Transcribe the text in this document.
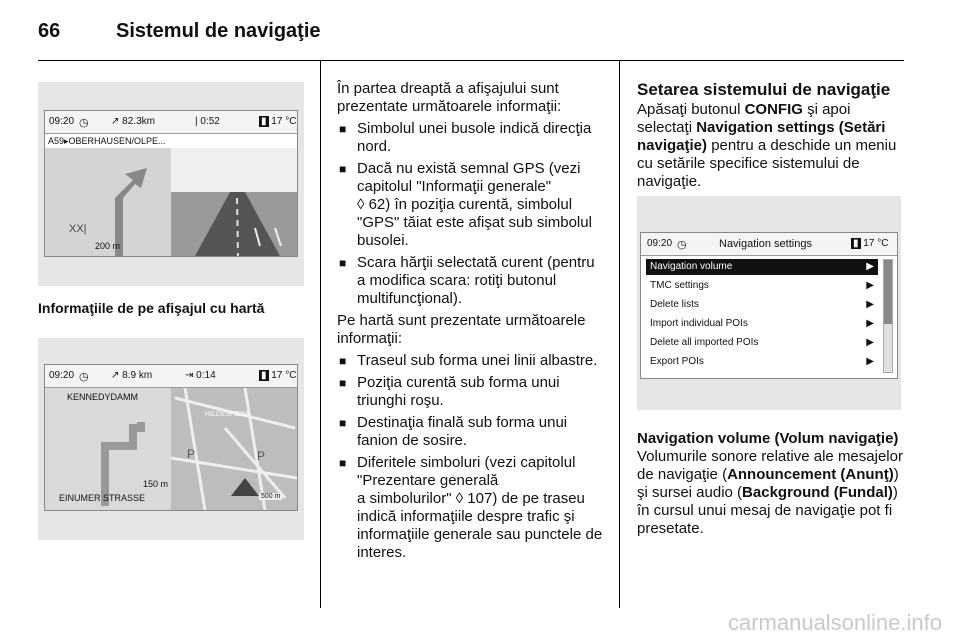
66	Sistemul de navigaţie
09:20 ◷ ↗ 82.3km	| 0:52	▮ 17 °C
A59▸OBERHAUSEN/OLPE...
XX|
200 m
Informaţiile de pe afişajul cu hartă
09:20 ◷ ↗ 8.9 km	⇥ 0:14	▮ 17 °C
P	P
KENNEDYDAMM
HILDESHEIM
150 m
EINUMER STRASSE	500 m

În partea dreaptă a afişajului sunt prezentate următoarele informaţii:

■ Simbolul unei busole indică direcţia nord.
■ Dacă nu există semnal GPS (vezi capitolul "Informaţii generale"
◊ 62) în poziţia curentă, simbolul "GPS" tăiat este afişat sub simbolul busolei.
■ Scara hărţii selectată curent (pentru a modifica scara: rotiţi butonul multifuncţional).

Pe hartă sunt prezentate următoarele informaţii:

■ Traseul sub forma unei linii albastre.
■ Poziţia curentă sub forma unui triunghi roşu.
■ Destinaţia finală sub forma unui fanion de sosire.
■ Diferitele simboluri (vezi capitolul "Prezentare generală
a simbolurilor" ◊ 107) de pe traseu indică informaţiile despre trafic şi informaţiile generale sau punctele de interes.
Setarea sistemului de navigaţie

Apăsaţi butonul CONFIG şi apoi selectaţi Navigation settings (Setări navigaţie) pentru a deschide un meniu cu setările specifice sistemului de navigaţie.

09:20 ◷	Navigation settings	▮ 17 °C
Navigation volume	▶
TMC settings	▶
Delete lists	▶
Import individual POIs	▶
Delete all imported POIs	▶
Export POIs	▶
Navigation volume (Volum navigaţie)

Volumurile sonore relative ale mesajelor de navigaţie (Announcement (Anunţ)) şi sursei audio (Background (Fundal)) în cursul unui mesaj de navigaţie pot fi presetate.

carmanualsonline.info
